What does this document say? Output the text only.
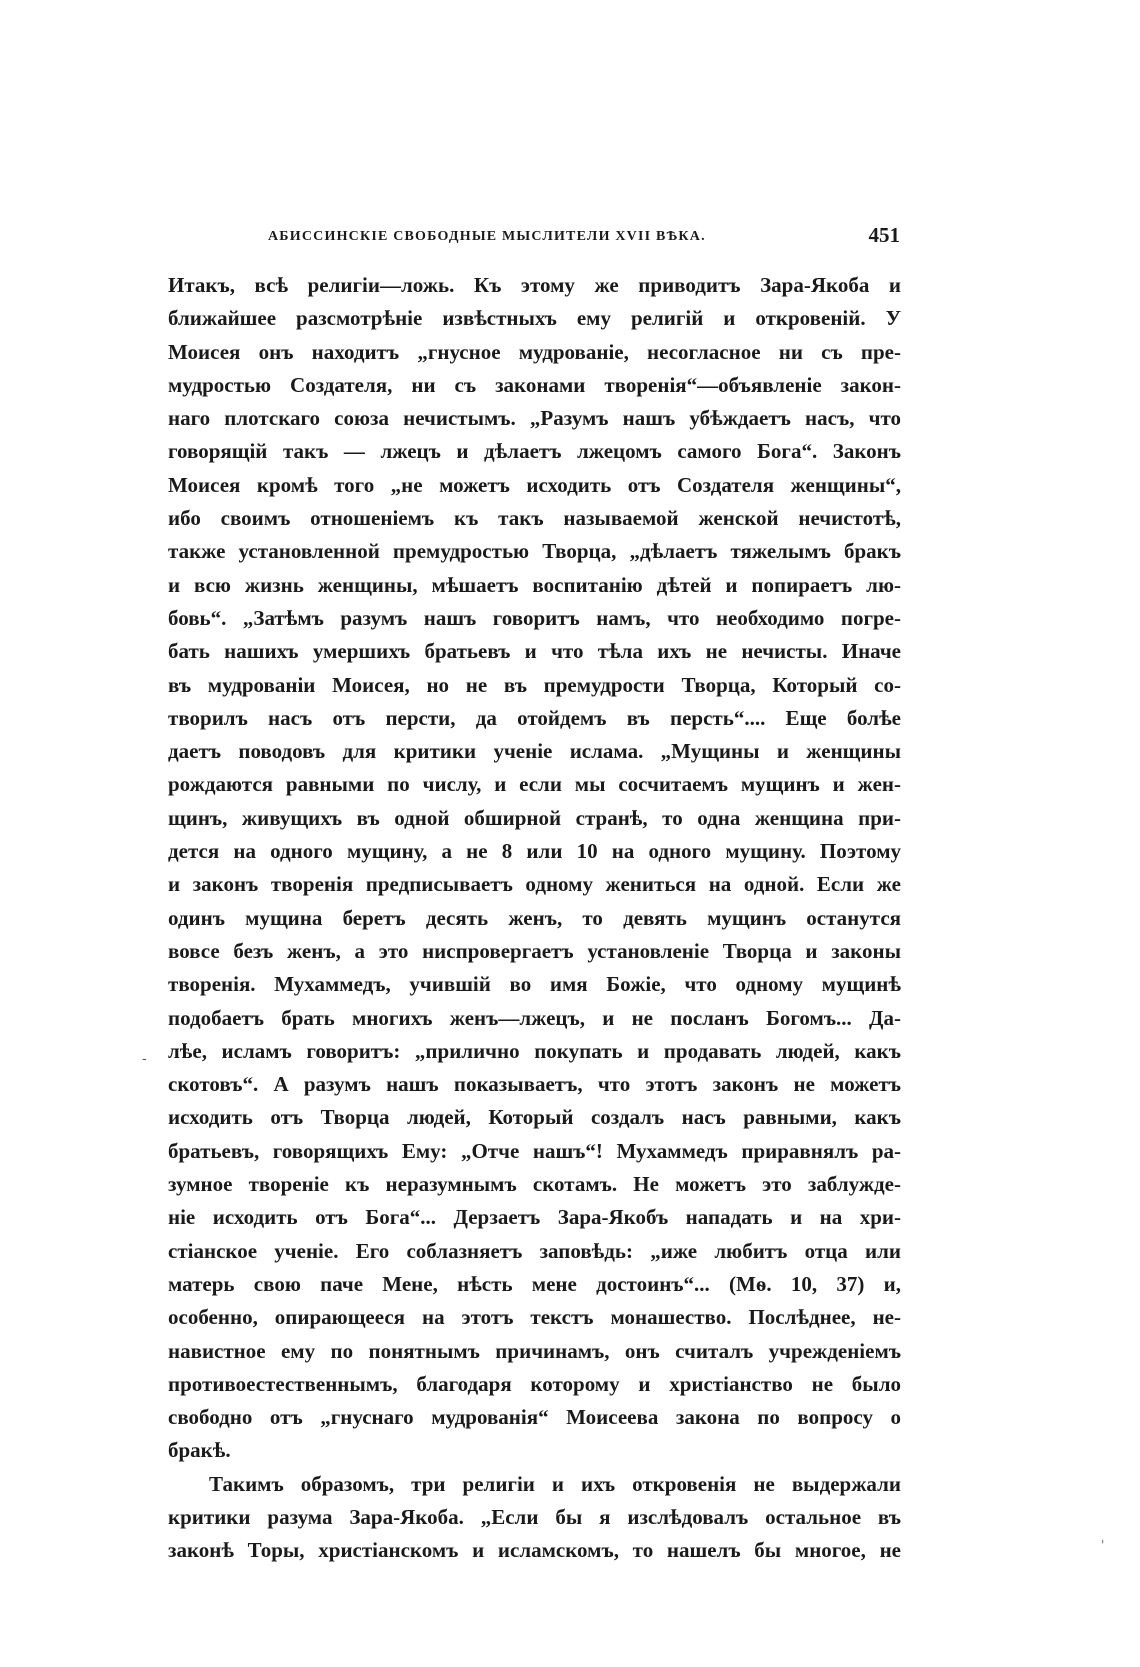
АБИССИНСКІЕ СВОБОДНЫЕ МЫСЛИТЕЛИ XVII ВѢКА.	451
Итакъ, всѣ религіи—ложь. Къ этому же приводитъ Зара-Якоба и
ближайшее разсмотрѣніе извѣстныхъ ему религій и откровеній. У
Моисея онъ находитъ „гнусное мудрованіе, несогласное ни съ пре-
мудростью Создателя, ни съ законами творенія“—объявленіе закон-
наго плотскаго союза нечистымъ. „Разумъ нашъ убѣждаетъ насъ, что
говорящій такъ — лжецъ и дѣлаетъ лжецомъ самого Бога“. Законъ
Моисея кромѣ того „не можетъ исходить отъ Создателя женщины“,
ибо своимъ отношеніемъ къ такъ называемой женской нечистотѣ,
также установленной премудростью Творца, „дѣлаетъ тяжелымъ бракъ
и всю жизнь женщины, мѣшаетъ воспитанію дѣтей и попираетъ лю-
бовь“. „Затѣмъ разумъ нашъ говоритъ намъ, что необходимо погре-
бать нашихъ умершихъ братьевъ и что тѣла ихъ не нечисты. Иначе
въ мудрованіи Моисея, но не въ премудрости Творца, Который со-
творилъ насъ отъ персти, да отойдемъ въ персть“.... Еще болѣе
даетъ поводовъ для критики ученіе ислама. „Мущины и женщины
рождаются равными по числу, и если мы сосчитаемъ мущинъ и жен-
щинъ, живущихъ въ одной обширной странѣ, то одна женщина при-
дется на одного мущину, а не 8 или 10 на одного мущину. Поэтому
и законъ творенія предписываетъ одному жениться на одной. Если же
одинъ мущина беретъ десять женъ, то девять мущинъ останутся
вовсе безъ женъ, а это ниспровергаетъ установленіе Творца и законы
творенія. Мухаммедъ, учившій во имя Божіе, что одному мущинѣ
подобаетъ брать многихъ женъ—лжецъ, и не посланъ Богомъ... Да-
лѣе, исламъ говоритъ: „прилично покупать и продавать людей, какъ
скотовъ“. А разумъ нашъ показываетъ, что этотъ законъ не можетъ
исходить отъ Творца людей, Который создалъ насъ равными, какъ
братьевъ, говорящихъ Ему: „Отче нашъ“! Мухаммедъ приравнялъ ра-
зумное твореніе къ неразумнымъ скотамъ. Не можетъ это заблужде-
ніе исходить отъ Бога“... Дерзаетъ Зара-Якобъ нападать и на хри-
стіанское ученіе. Его соблазняетъ заповѣдь: „иже любитъ отца или
матерь свою паче Мене, нѣсть мене достоинъ“... (Мѳ. 10, 37) и,
особенно, опирающееся на этотъ текстъ монашество. Послѣднее, не-
навистное ему по понятнымъ причинамъ, онъ считалъ учрежденіемъ
противоестественнымъ, благодаря которому и христіанство не было
свободно отъ „гнуснаго мудрованія“ Моисеева закона по вопросу о
бракѣ.
Такимъ образомъ, три религіи и ихъ откровенія не выдержали
критики разума Зара-Якоба. „Если бы я изслѣдовалъ остальное въ
законѣ Торы, христіанскомъ и исламскомъ, то нашелъ бы многое, не
-
'
